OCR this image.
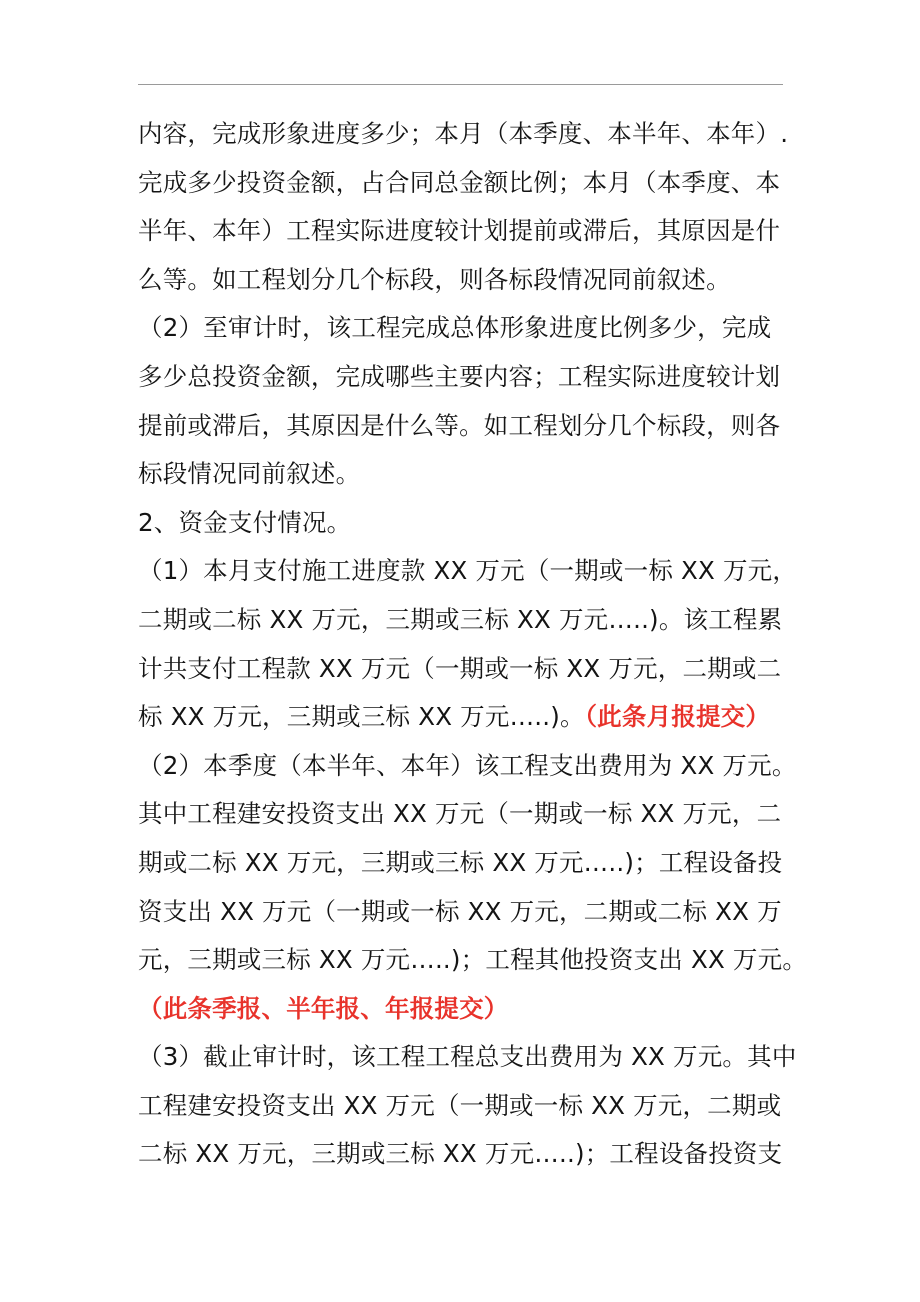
内容，完成形象进度多少；本月（本季度、本半年、本年）.
完成多少投资金额，占合同总金额比例；本月（本季度、本
半年、本年）工程实际进度较计划提前或滞后，其原因是什
么等。如工程划分几个标段，则各标段情况同前叙述。
（2）至审计时，该工程完成总体形象进度比例多少，完成
多少总投资金额，完成哪些主要内容；工程实际进度较计划
提前或滞后，其原因是什么等。如工程划分几个标段，则各
标段情况同前叙述。
2、资金支付情况。
（1）本月支付施工进度款 XX 万元（一期或一标 XX 万元，
二期或二标 XX 万元，三期或三标 XX 万元…..)。该工程累
计共支付工程款 XX 万元（一期或一标 XX 万元，二期或二
标 XX 万元，三期或三标 XX 万元…..)。（此条月报提交）
（2）本季度（本半年、本年）该工程支出费用为 XX 万元。
其中工程建安投资支出 XX 万元（一期或一标 XX 万元，二
期或二标 XX 万元，三期或三标 XX 万元…..)；工程设备投
资支出 XX 万元（一期或一标 XX 万元，二期或二标 XX 万
元，三期或三标 XX 万元…..)；工程其他投资支出 XX 万元。
（此条季报、半年报、年报提交）
（3）截止审计时，该工程工程总支出费用为 XX 万元。其中
工程建安投资支出 XX 万元（一期或一标 XX 万元，二期或
二标 XX 万元，三期或三标 XX 万元…..)；工程设备投资支
